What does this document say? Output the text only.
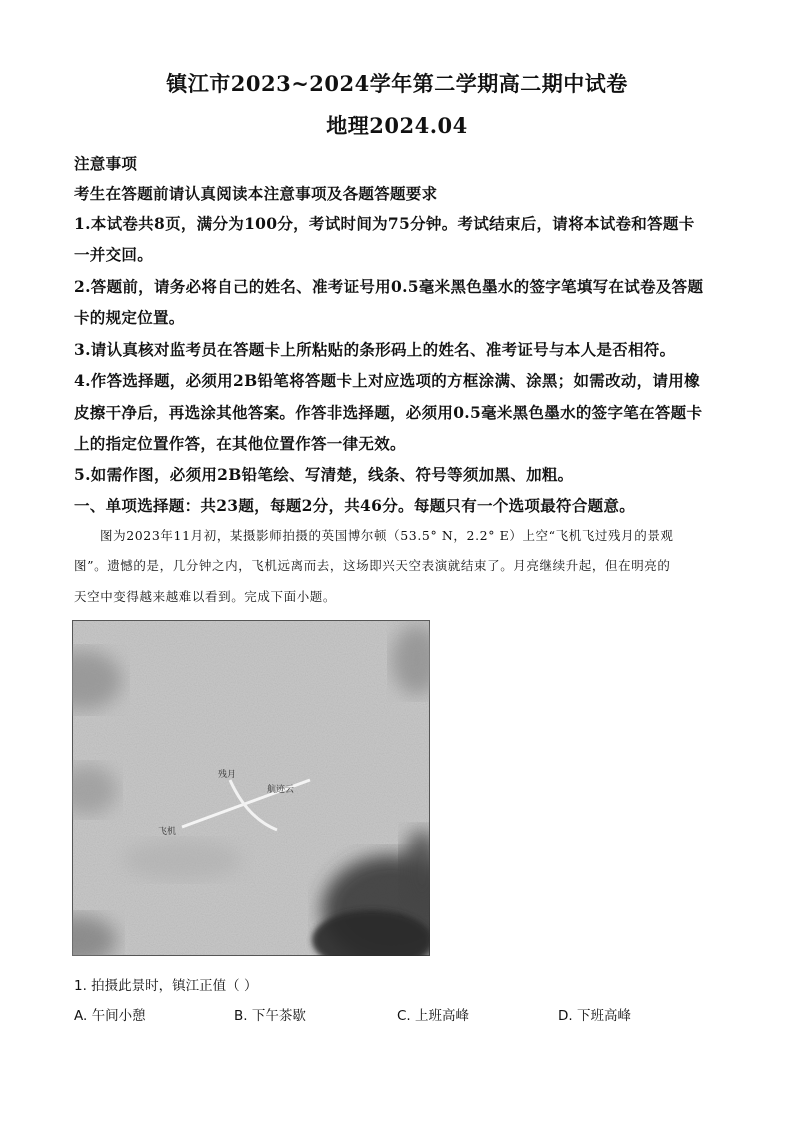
镇江市2023~2024学年第二学期高二期中试卷
地理2024.04
注意事项
考生在答题前请认真阅读本注意事项及各题答题要求
1.本试卷共8页，满分为100分，考试时间为75分钟。考试结束后，请将本试卷和答题卡
一并交回。
2.答题前，请务必将自己的姓名、准考证号用0.5毫米黑色墨水的签字笔填写在试卷及答题
卡的规定位置。
3.请认真核对监考员在答题卡上所粘贴的条形码上的姓名、准考证号与本人是否相符。
4.作答选择题，必须用2B铅笔将答题卡上对应选项的方框涂满、涂黑；如需改动，请用橡
皮擦干净后，再选涂其他答案。作答非选择题，必须用0.5毫米黑色墨水的签字笔在答题卡
上的指定位置作答，在其他位置作答一律无效。
5.如需作图，必须用2B铅笔绘、写清楚，线条、符号等须加黑、加粗。
一、单项选择题：共23题，每题2分，共46分。每题只有一个选项最符合题意。
图为2023年11月初，某摄影师拍摄的英国博尔顿（53.5° N，2.2° E）上空“飞机飞过残月的景观
图”。遗憾的是，几分钟之内，飞机远离而去，这场即兴天空表演就结束了。月亮继续升起，但在明亮的
天空中变得越来越难以看到。完成下面小题。
残月
航迹云
飞机
1. 拍摄此景时，镇江正值（ ）
A. 午间小憩	B. 下午茶歇	C. 上班高峰	D. 下班高峰
